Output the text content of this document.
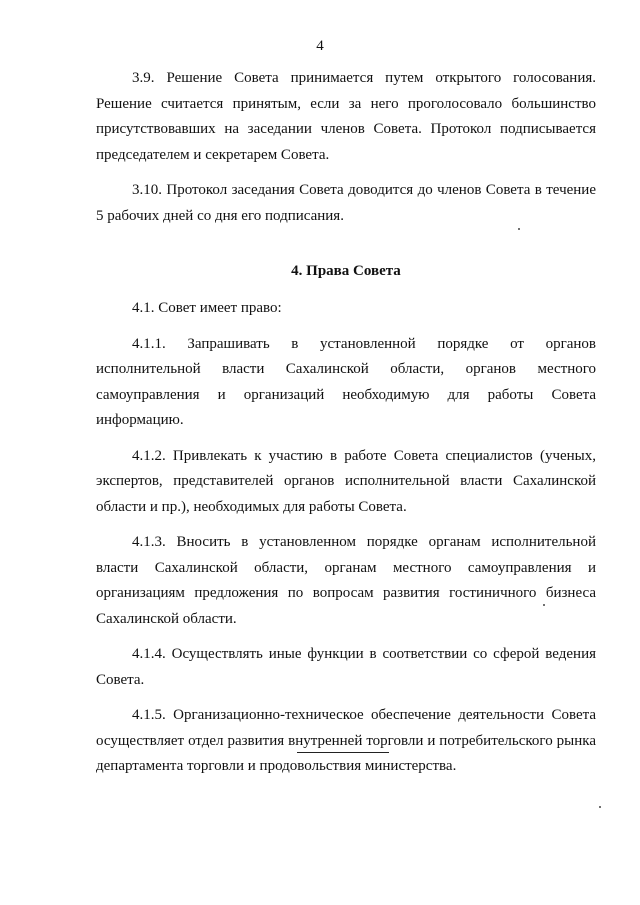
4

3.9. Решение Совета принимается путем открытого голосования. Решение считается принятым, если за него проголосовало большинство присутствовавших на заседании членов Совета. Протокол подписывается председателем и секретарем Совета.

3.10. Протокол заседания Совета доводится до членов Совета в течение 5 рабочих дней со дня его подписания.

4. Права Совета

4.1. Совет имеет право:

4.1.1. Запрашивать в установленной порядке от органов исполнительной власти Сахалинской области, органов местного самоуправления и организаций необходимую для работы Совета информацию.

4.1.2. Привлекать к участию в работе Совета специалистов (ученых, экспертов, представителей органов исполнительной власти Сахалинской области и пр.), необходимых для работы Совета.

4.1.3. Вносить в установленном порядке органам исполнительной власти Сахалинской области, органам местного самоуправления и организациям предложения по вопросам развития гостиничного бизнеса Сахалинской области.

4.1.4. Осуществлять иные функции в соответствии со сферой ведения Совета.

4.1.5. Организационно-техническое обеспечение деятельности Совета осуществляет отдел развития внутренней торговли и потребительского рынка департамента торговли и продовольствия министерства.
